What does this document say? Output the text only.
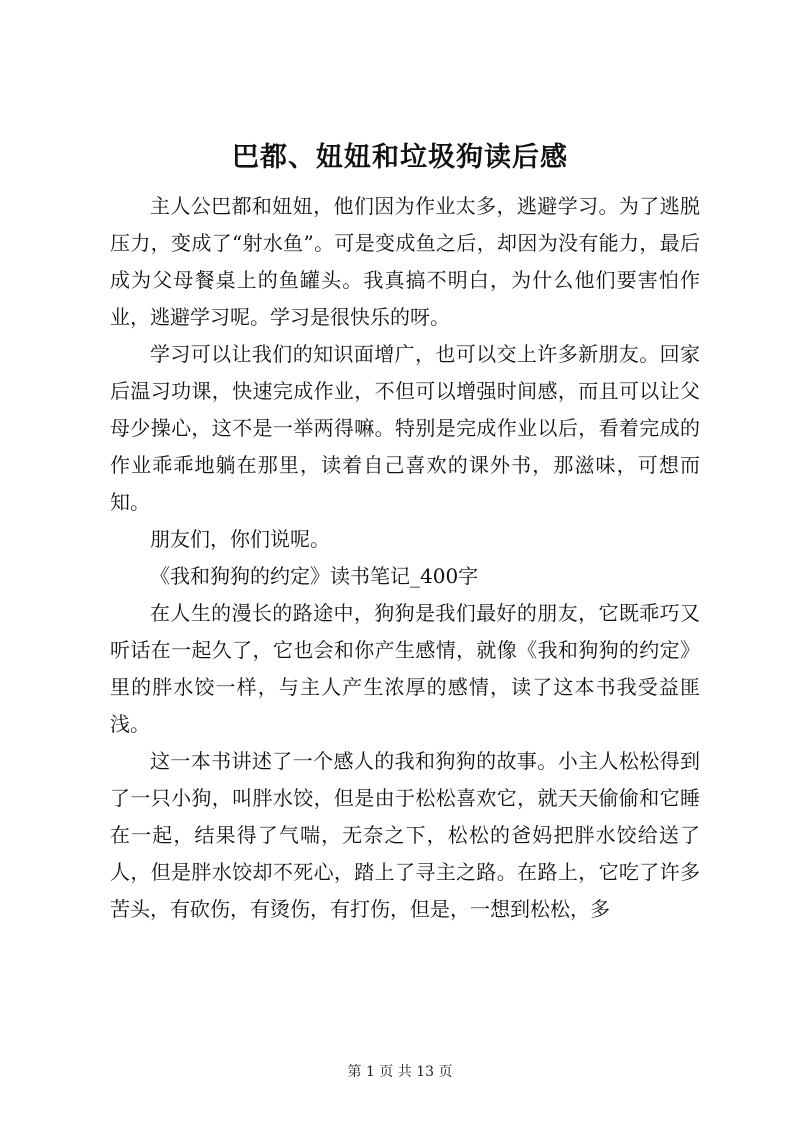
巴都、妞妞和垃圾狗读后感

主人公巴都和妞妞，他们因为作业太多，逃避学习。为了逃脱压力，变成了“射水鱼”。可是变成鱼之后，却因为没有能力，最后成为父母餐桌上的鱼罐头。我真搞不明白，为什么他们要害怕作业，逃避学习呢。学习是很快乐的呀。

学习可以让我们的知识面增广，也可以交上许多新朋友。回家后温习功课，快速完成作业，不但可以增强时间感，而且可以让父母少操心，这不是一举两得嘛。特别是完成作业以后，看着完成的作业乖乖地躺在那里，读着自己喜欢的课外书，那滋味，可想而知。

朋友们，你们说呢。

《我和狗狗的约定》读书笔记_400字

在人生的漫长的路途中，狗狗是我们最好的朋友，它既乖巧又听话在一起久了，它也会和你产生感情，就像《我和狗狗的约定》里的胖水饺一样，与主人产生浓厚的感情，读了这本书我受益匪浅。

这一本书讲述了一个感人的我和狗狗的故事。小主人松松得到了一只小狗，叫胖水饺，但是由于松松喜欢它，就天天偷偷和它睡在一起，结果得了气喘，无奈之下，松松的爸妈把胖水饺给送了人，但是胖水饺却不死心，踏上了寻主之路。在路上，它吃了许多苦头，有砍伤，有烫伤，有打伤，但是，一想到松松，多

第 1 页 共 13 页
